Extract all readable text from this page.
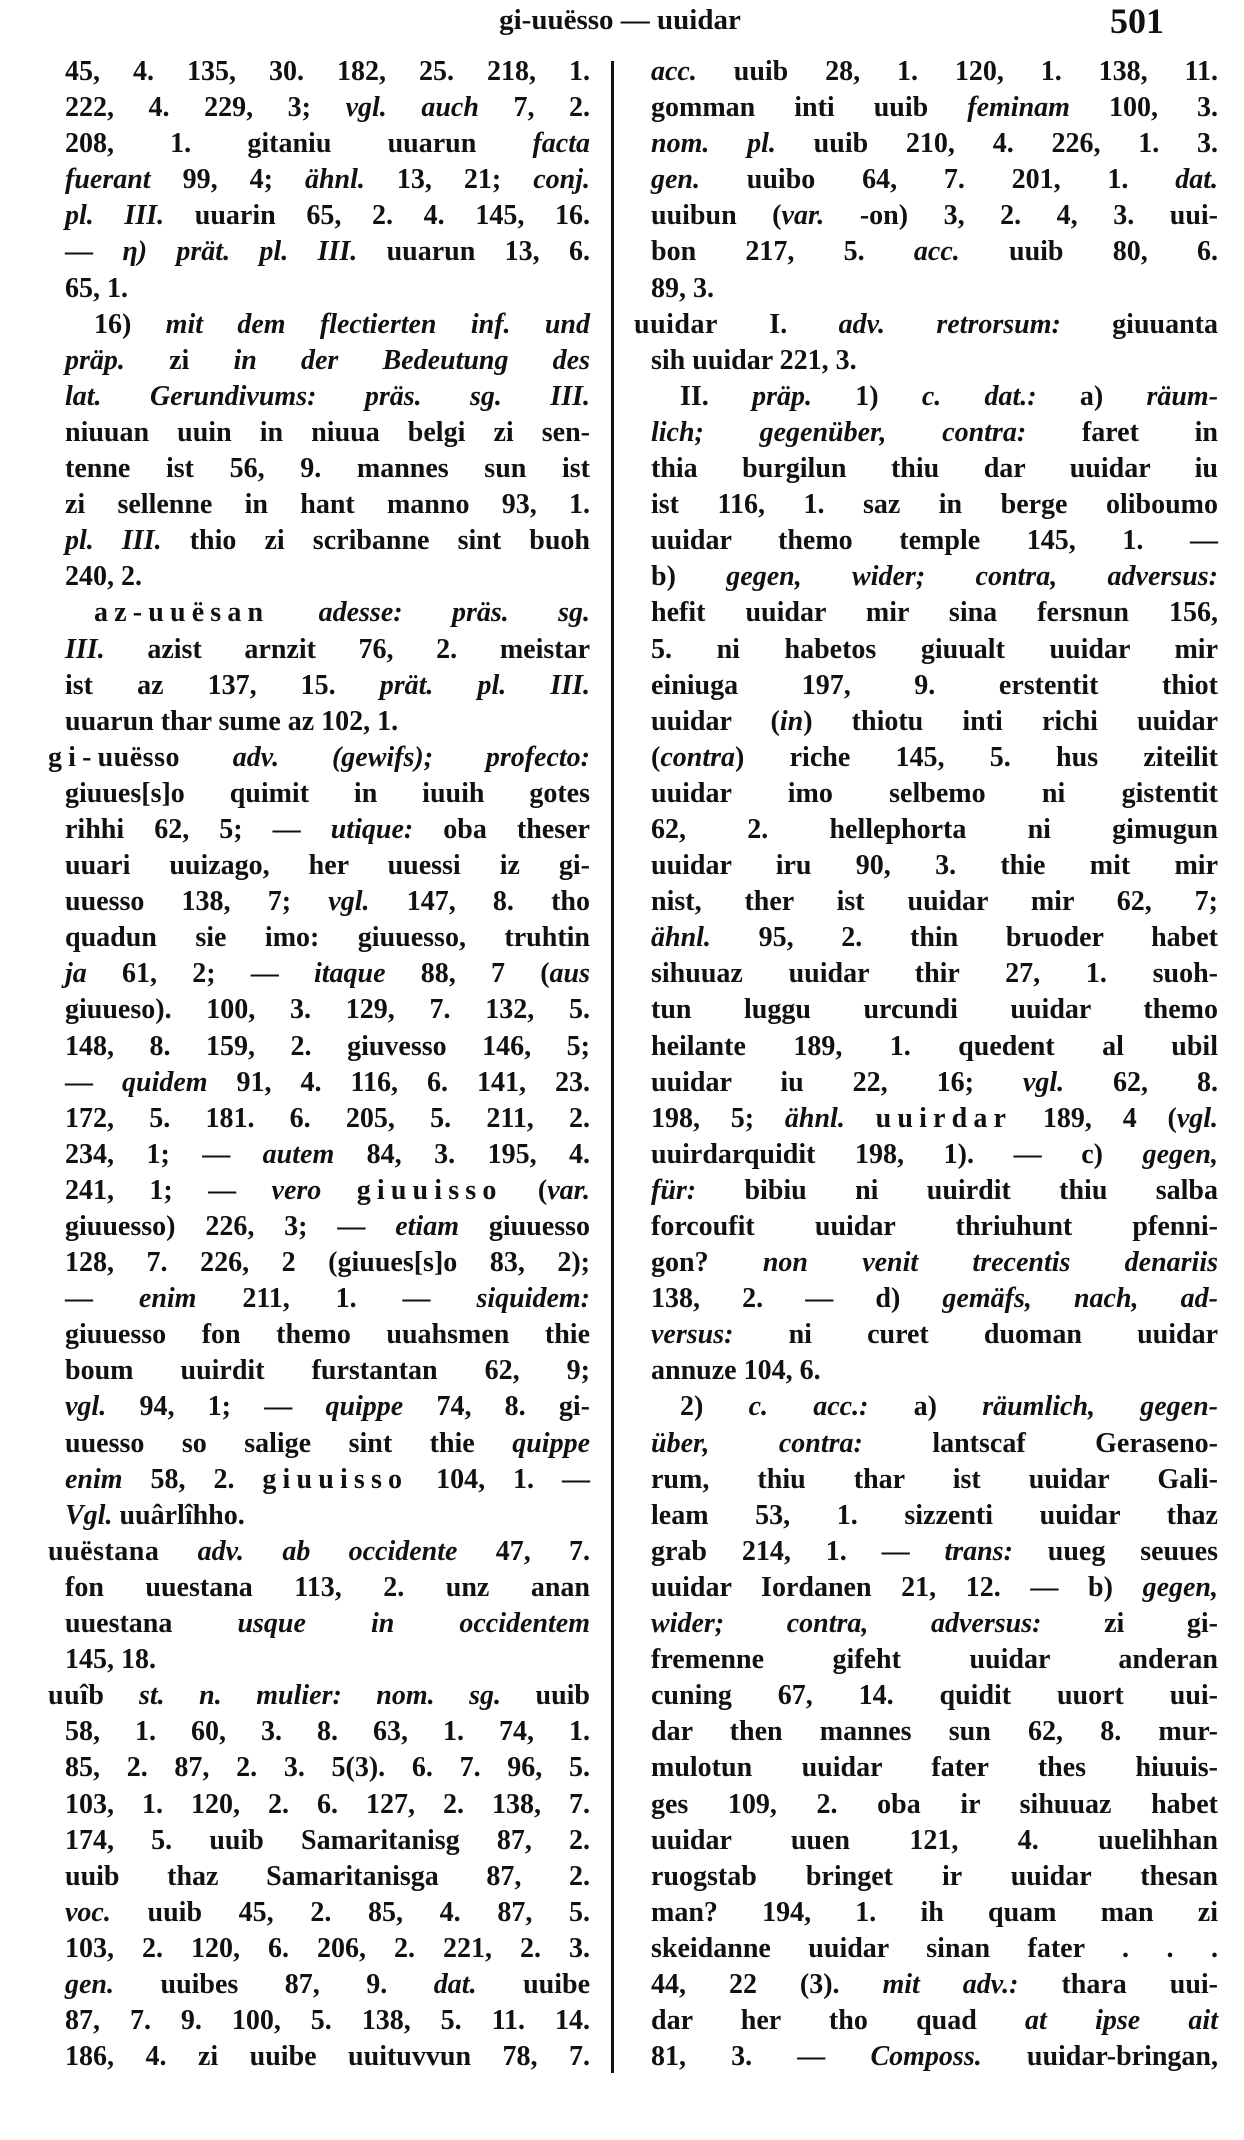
gi-uuësso — uuidar	501
45, 4. 135, 30. 182, 25. 218, 1.
222, 4. 229, 3; vgl. auch 7, 2.
208, 1. gitaniu uuarun facta
fuerant 99, 4; ähnl. 13, 21; conj.
pl. III. uuarin 65, 2. 4. 145, 16.
— η) prät. pl. III. uuarun 13, 6.
65, 1.
16) mit dem flectierten inf. und
präp. zi in der Bedeutung des
lat. Gerundivums: präs. sg. III.
niuuan uuin in niuua belgi zi sen-
tenne ist 56, 9. mannes sun ist
zi sellenne in hant manno 93, 1.
pl. III. thio zi scribanne sint buoh
240, 2.
az-uuësan adesse: präs. sg.
III. azist arnzit 76, 2. meistar
ist az 137, 15. prät. pl. III.
uuarun thar sume az 102, 1.
gi-uuësso adv. (gewifs); profecto:
giuues[s]o quimit in iuuih gotes
rihhi 62, 5; — utique: oba theser
uuari uuizago, her uuessi iz gi-
uuesso 138, 7; vgl. 147, 8. tho
quadun sie imo: giuuesso, truhtin
ja 61, 2; — itaque 88, 7 (aus
giuueso). 100, 3. 129, 7. 132, 5.
148, 8. 159, 2. giuvesso 146, 5;
— quidem 91, 4. 116, 6. 141, 23.
172, 5. 181. 6. 205, 5. 211, 2.
234, 1; — autem 84, 3. 195, 4.
241, 1; — vero giuuisso (var.
giuuesso) 226, 3; — etiam giuuesso
128, 7. 226, 2 (giuues[s]o 83, 2);
— enim 211, 1. — siquidem:
giuuesso fon themo uuahsmen thie
boum uuirdit furstantan 62, 9;
vgl. 94, 1; — quippe 74, 8. gi-
uuesso so salige sint thie quippe
enim 58, 2. giuuisso 104, 1. —
Vgl. uuârlîhho.
uuëstana adv. ab occidente 47, 7.
fon uuestana 113, 2. unz anan
uuestana usque in occidentem
145, 18.
uuîb st. n. mulier: nom. sg. uuib
58, 1. 60, 3. 8. 63, 1. 74, 1.
85, 2. 87, 2. 3. 5(3). 6. 7. 96, 5.
103, 1. 120, 2. 6. 127, 2. 138, 7.
174, 5. uuib Samaritanisg 87, 2.
uuib thaz Samaritanisga 87, 2.
voc. uuib 45, 2. 85, 4. 87, 5.
103, 2. 120, 6. 206, 2. 221, 2. 3.
gen. uuibes 87, 9. dat. uuibe
87, 7. 9. 100, 5. 138, 5. 11. 14.
186, 4. zi uuibe uuituvvun 78, 7.
acc. uuib 28, 1. 120, 1. 138, 11.
gomman inti uuib feminam 100, 3.
nom. pl. uuib 210, 4. 226, 1. 3.
gen. uuibo 64, 7. 201, 1. dat.
uuibun (var. -on) 3, 2. 4, 3. uui-
bon 217, 5. acc. uuib 80, 6.
89, 3.
uuidar I. adv. retrorsum: giuuanta
sih uuidar 221, 3.
II. präp. 1) c. dat.: a) räum-
lich; gegenüber, contra: faret in
thia burgilun thiu dar uuidar iu
ist 116, 1. saz in berge oliboumo
uuidar themo temple 145, 1. —
b) gegen, wider; contra, adversus:
hefit uuidar mir sina fersnun 156,
5. ni habetos giuualt uuidar mir
einiuga 197, 9. erstentit thiot
uuidar (in) thiotu inti richi uuidar
(contra) riche 145, 5. hus ziteilit
uuidar imo selbemo ni gistentit
62, 2. hellephorta ni gimugun
uuidar iru 90, 3. thie mit mir
nist, ther ist uuidar mir 62, 7;
ähnl. 95, 2. thin bruoder habet
sihuuaz uuidar thir 27, 1. suoh-
tun luggu urcundi uuidar themo
heilante 189, 1. quedent al ubil
uuidar iu 22, 16; vgl. 62, 8.
198, 5; ähnl. uuirdar 189, 4 (vgl.
uuirdarquidit 198, 1). — c) gegen,
für: bibiu ni uuirdit thiu salba
forcoufit uuidar thriuhunt pfenni-
gon? non venit trecentis denariis
138, 2. — d) gemäfs, nach, ad-
versus: ni curet duoman uuidar
annuze 104, 6.
2) c. acc.: a) räumlich, gegen-
über, contra: lantscaf Geraseno-
rum, thiu thar ist uuidar Gali-
leam 53, 1. sizzenti uuidar thaz
grab 214, 1. — trans: uueg seuues
uuidar Iordanen 21, 12. — b) gegen,
wider; contra, adversus: zi gi-
fremenne gifeht uuidar anderan
cuning 67, 14. quidit uuort uui-
dar then mannes sun 62, 8. mur-
mulotun uuidar fater thes hiuuis-
ges 109, 2. oba ir sihuuaz habet
uuidar uuen 121, 4. uuelihhan
ruogstab bringet ir uuidar thesan
man? 194, 1. ih quam man zi
skeidanne uuidar sinan fater . . .
44, 22 (3). mit adv.: thara uui-
dar her tho quad at ipse ait
81, 3. — Composs. uuidar-bringan,
